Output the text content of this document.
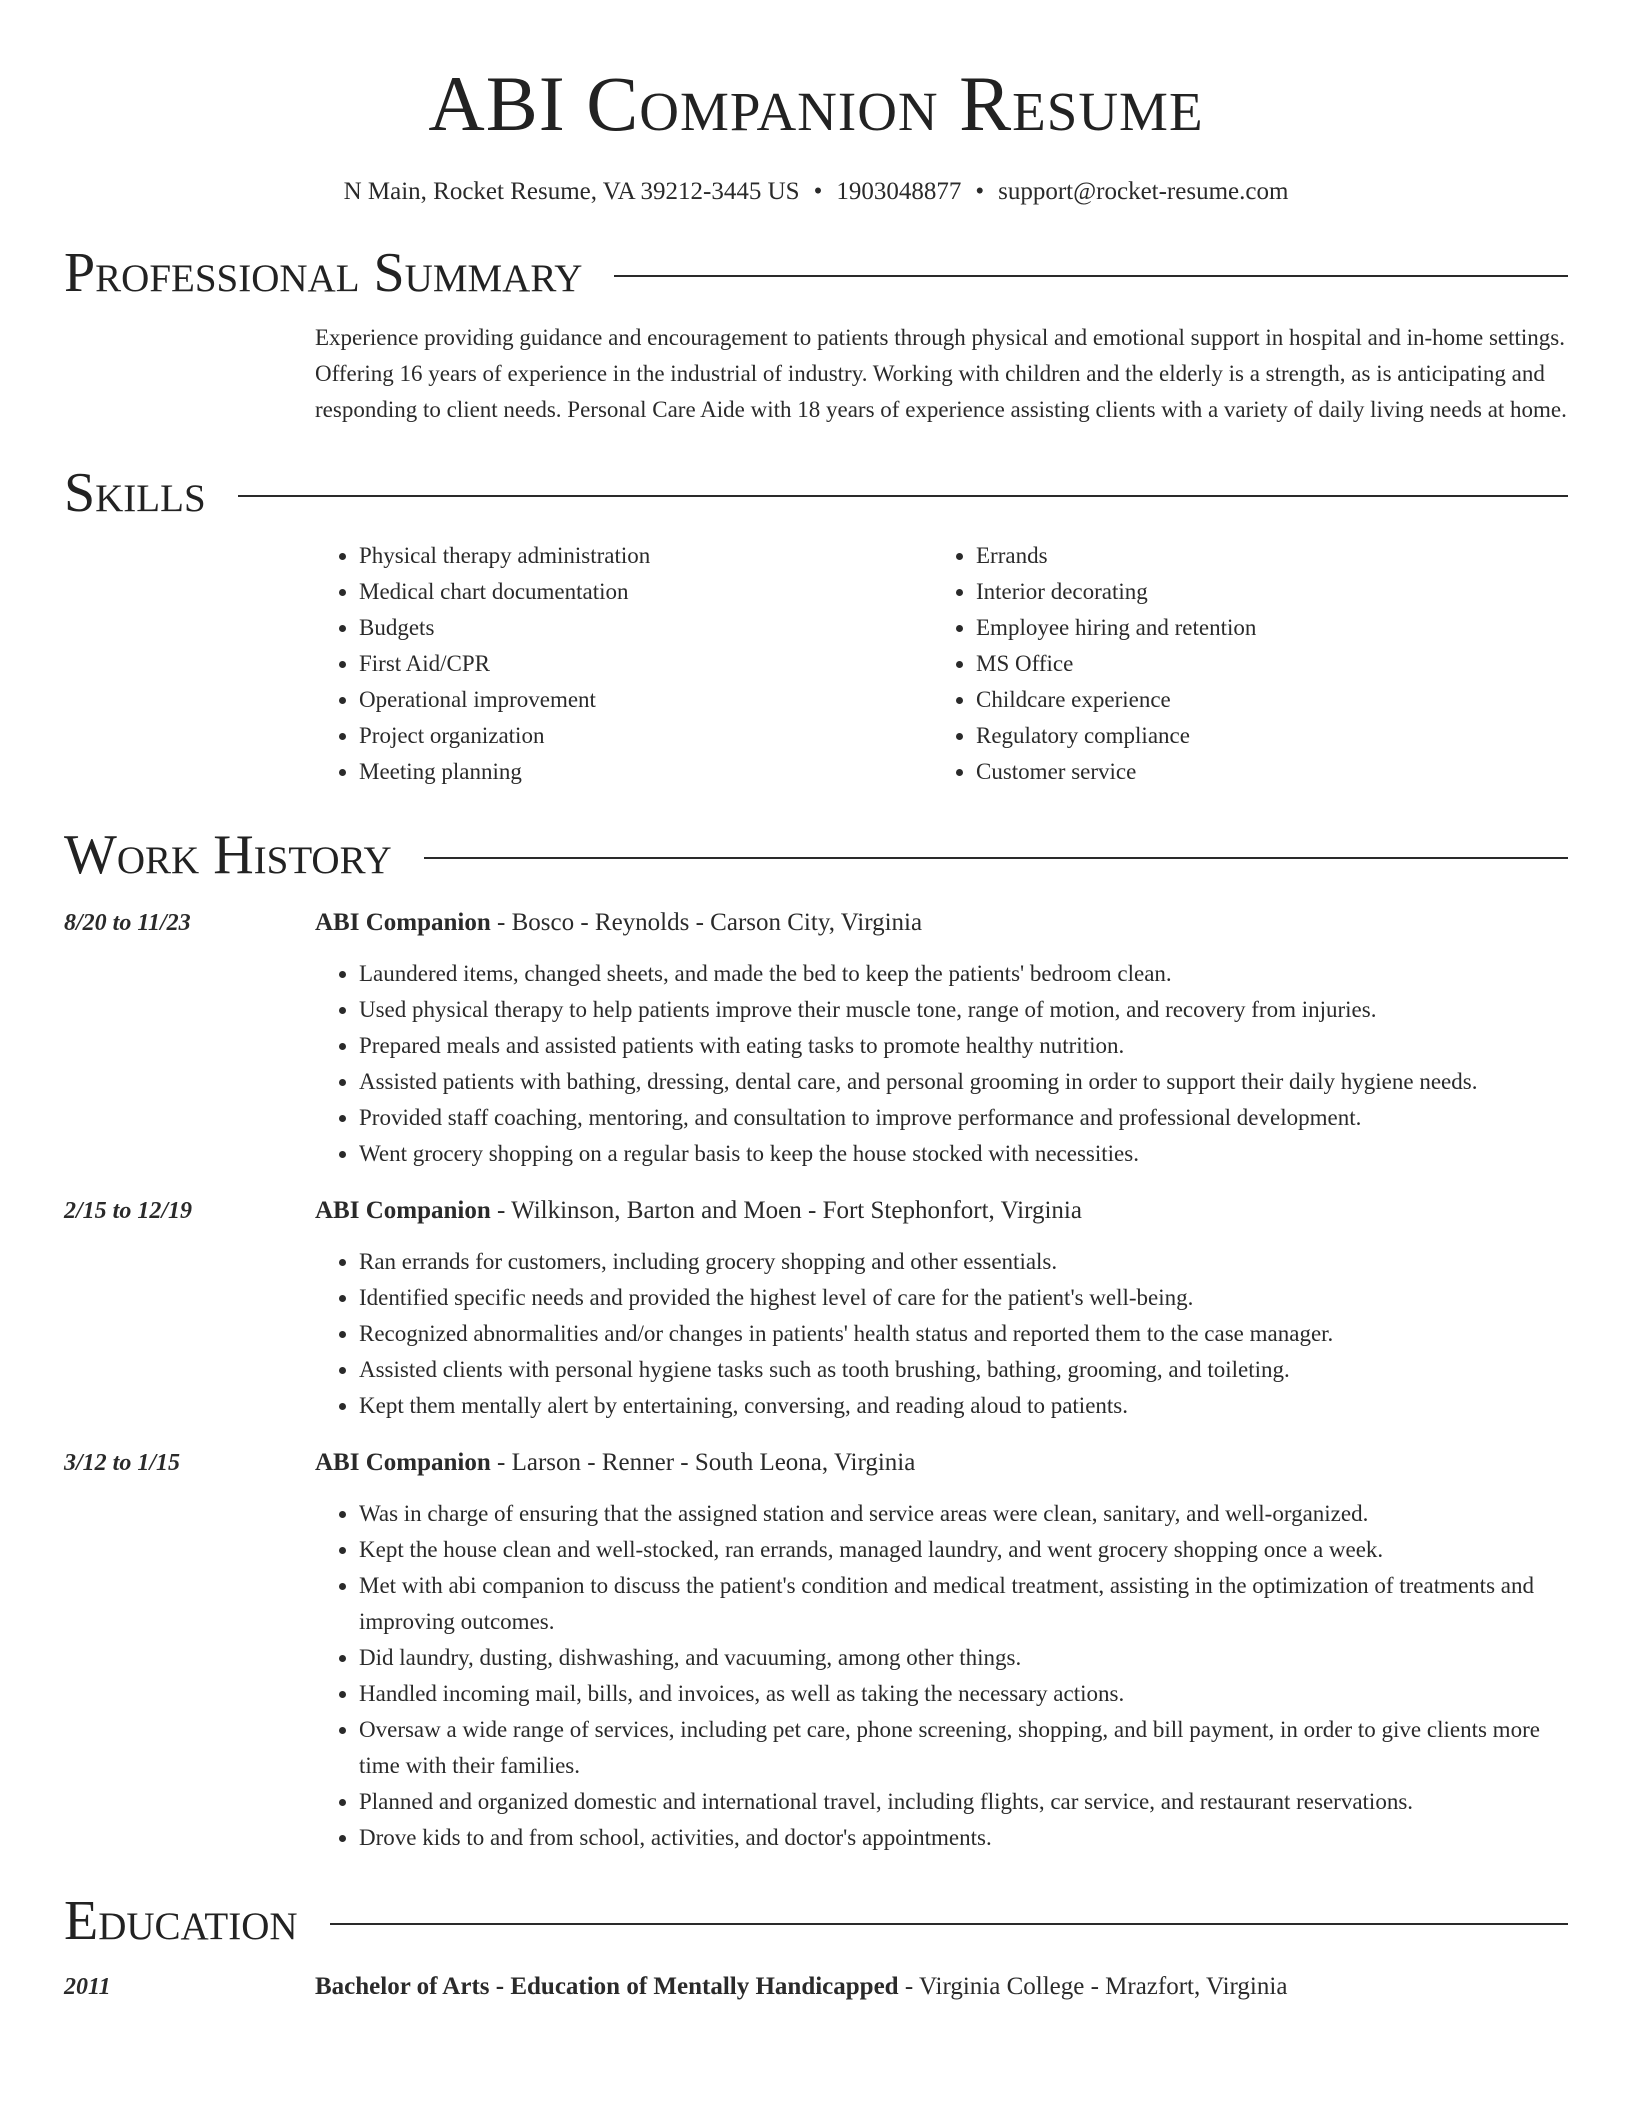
ABI Companion Resume
N Main, Rocket Resume, VA 39212-3445 US • 1903048877 • support@rocket-resume.com
Professional Summary
Experience providing guidance and encouragement to patients through physical and emotional support in hospital and in-home settings. Offering 16 years of experience in the industrial of industry. Working with children and the elderly is a strength, as is anticipating and responding to client needs. Personal Care Aide with 18 years of experience assisting clients with a variety of daily living needs at home.
Skills
• Physical therapy administration
• Medical chart documentation
• Budgets
• First Aid/CPR
• Operational improvement
• Project organization
• Meeting planning
• Errands
• Interior decorating
• Employee hiring and retention
• MS Office
• Childcare experience
• Regulatory compliance
• Customer service
Work History
8/20 to 11/23	ABI Companion - Bosco - Reynolds - Carson City, Virginia
• Laundered items, changed sheets, and made the bed to keep the patients' bedroom clean.
• Used physical therapy to help patients improve their muscle tone, range of motion, and recovery from injuries.
• Prepared meals and assisted patients with eating tasks to promote healthy nutrition.
• Assisted patients with bathing, dressing, dental care, and personal grooming in order to support their daily hygiene needs.
• Provided staff coaching, mentoring, and consultation to improve performance and professional development.
• Went grocery shopping on a regular basis to keep the house stocked with necessities.
2/15 to 12/19	ABI Companion - Wilkinson, Barton and Moen - Fort Stephonfort, Virginia
• Ran errands for customers, including grocery shopping and other essentials.
• Identified specific needs and provided the highest level of care for the patient's well-being.
• Recognized abnormalities and/or changes in patients' health status and reported them to the case manager.
• Assisted clients with personal hygiene tasks such as tooth brushing, bathing, grooming, and toileting.
• Kept them mentally alert by entertaining, conversing, and reading aloud to patients.
3/12 to 1/15	ABI Companion - Larson - Renner - South Leona, Virginia
• Was in charge of ensuring that the assigned station and service areas were clean, sanitary, and well-organized.
• Kept the house clean and well-stocked, ran errands, managed laundry, and went grocery shopping once a week.
• Met with abi companion to discuss the patient's condition and medical treatment, assisting in the optimization of treatments and improving outcomes.
• Did laundry, dusting, dishwashing, and vacuuming, among other things.
• Handled incoming mail, bills, and invoices, as well as taking the necessary actions.
• Oversaw a wide range of services, including pet care, phone screening, shopping, and bill payment, in order to give clients more time with their families.
• Planned and organized domestic and international travel, including flights, car service, and restaurant reservations.
• Drove kids to and from school, activities, and doctor's appointments.
Education
2011	Bachelor of Arts - Education of Mentally Handicapped - Virginia College - Mrazfort, Virginia
